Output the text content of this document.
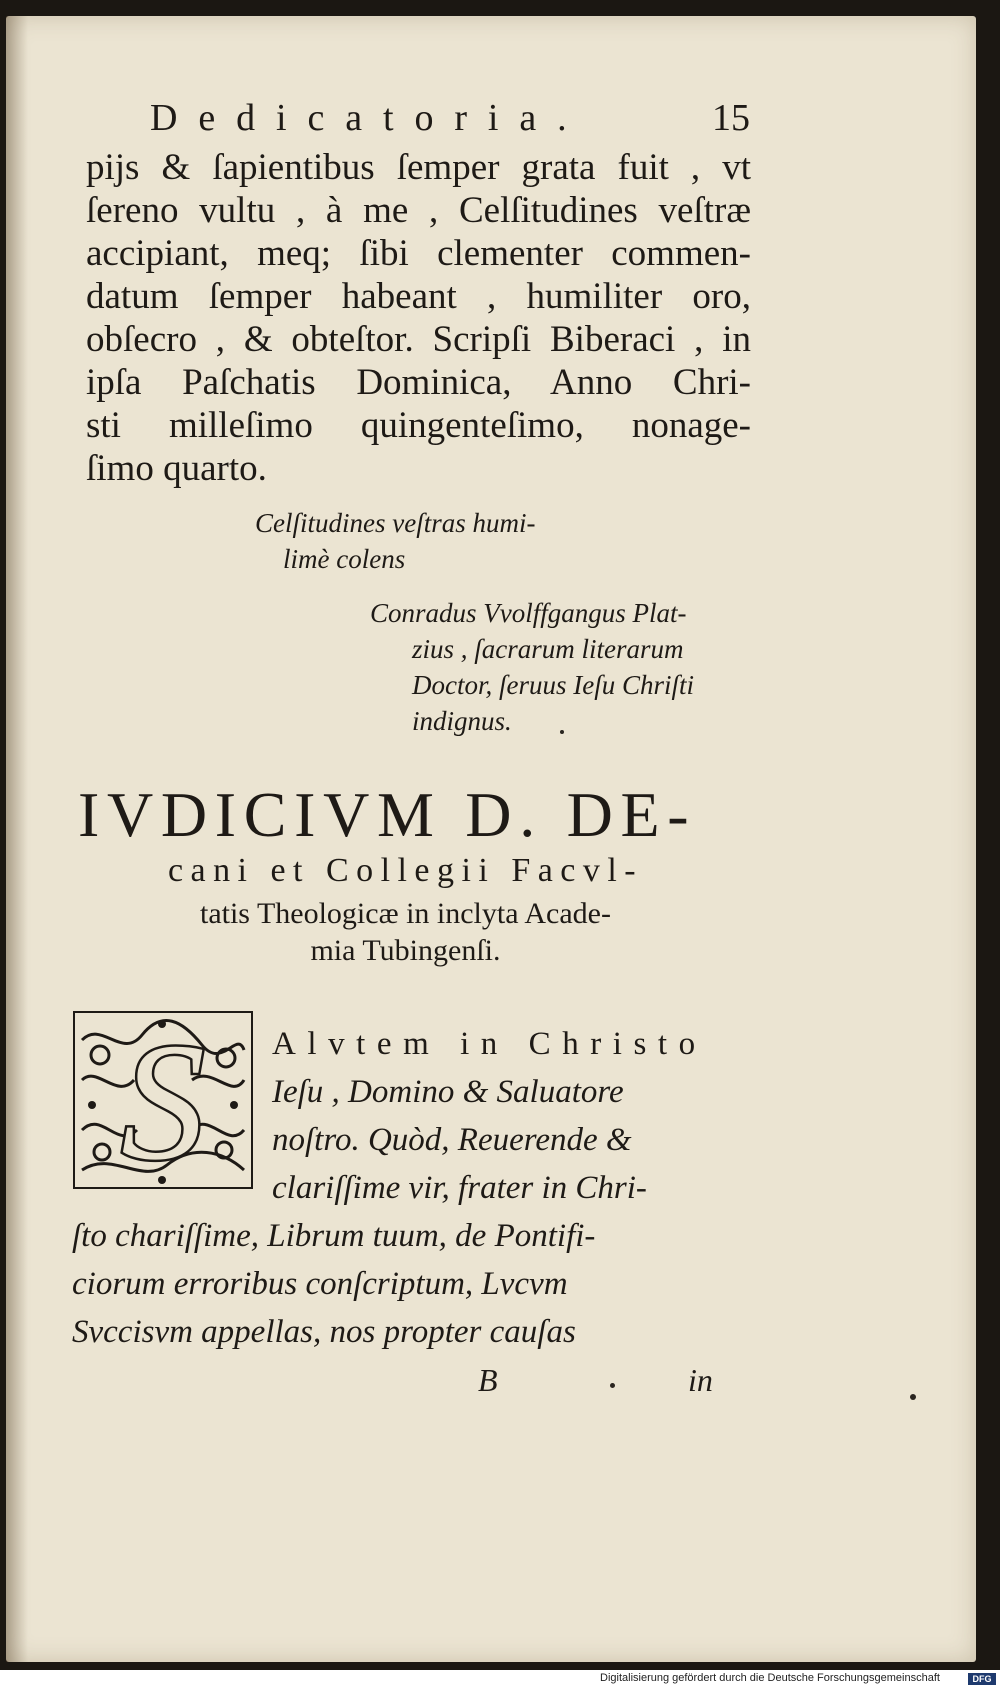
Dedicatoria.	15
pijs & ſapientibus ſemper grata fuit , vt
ſereno vultu , à me , Celſitudines veſtræ
accipiant, meq; ſibi clementer commen-
datum ſemper habeant , humiliter oro,
obſecro , & obteſtor. Scripſi Biberaci , in
ipſa Paſchatis Dominica, Anno Chri-
sti milleſimo quingenteſimo, nonage-
ſimo quarto.
Celſitudines veſtras humi-
limè colens
Conradus Vvolffgangus Plat-
zius , ſacrarum literarum
Doctor, ſeruus Ieſu Chriſti
indignus.
IVDICIVM D. DE-
cani et Collegii Facvl-
tatis Theologicæ in inclyta Acade-
mia Tubingenſi.
S	Alvtem in Christo
Ieſu , Domino & Saluatore
noſtro. Quòd, Reuerende &
clariſſime vir, frater in Chri-
ſto chariſſime, Librum tuum, de Pontifi-
ciorum erroribus conſcriptum, Lvcvm
Svccisvm appellas, nos propter cauſas
B	in
Digitalisierung gefördert durch die Deutsche Forschungsgemeinschaft	DFG
